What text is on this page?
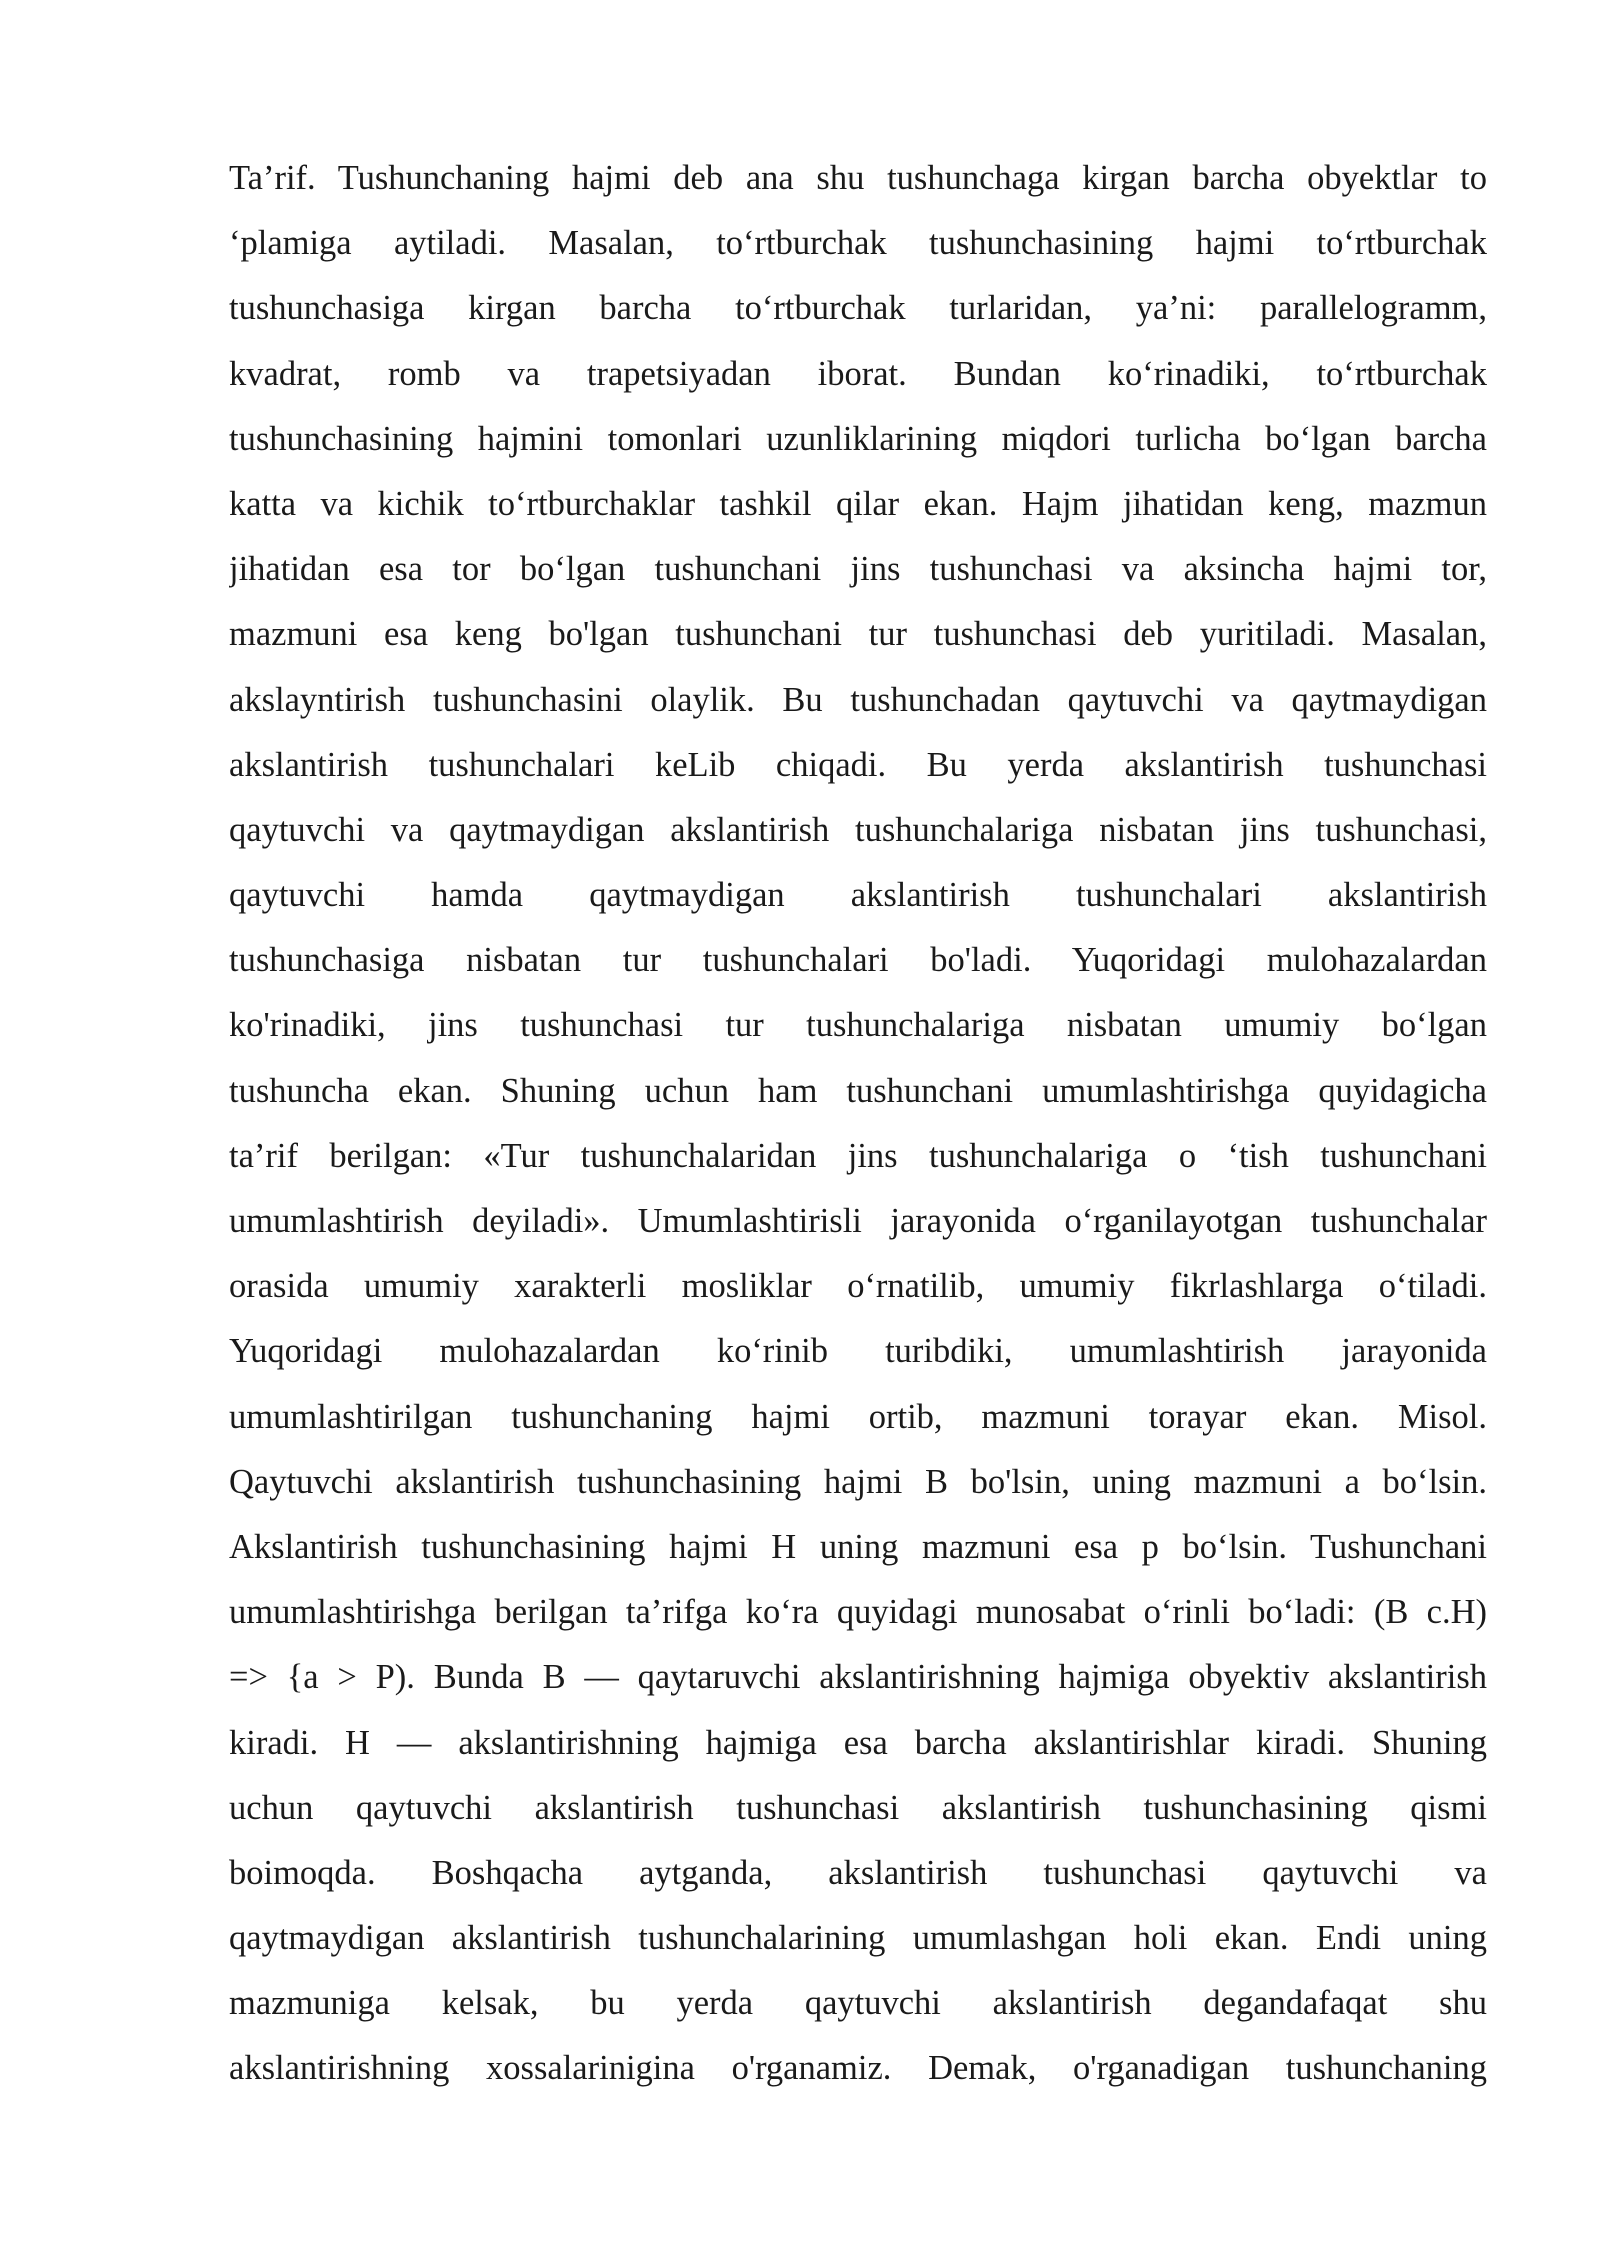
Ta’rif. Tushunchaning hajmi deb ana shu tushunchaga kirgan barcha obyektlar to
‘plamiga aytiladi. Masalan, to‘rtburchak tushunchasining hajmi to‘rtburchak
tushunchasiga kirgan barcha to‘rtburchak turlaridan, ya’ni: parallelogramm,
kvadrat, romb va trapetsiyadan iborat. Bundan ko‘rinadiki, to‘rtburchak
tushunchasining hajmini tomonlari uzunliklarining miqdori turlicha bo‘lgan barcha
katta va kichik to‘rtburchaklar tashkil qilar ekan. Hajm jihatidan keng, mazmun
jihatidan esa tor bo‘lgan tushunchani jins tushunchasi va aksincha hajmi tor,
mazmuni esa keng bo'lgan tushunchani tur tushunchasi deb yuritiladi. Masalan,
akslayntirish tushunchasini olaylik. Bu tushunchadan qaytuvchi va qaytmaydigan
akslantirish tushunchalari keLib chiqadi. Bu yerda akslantirish tushunchasi
qaytuvchi va qaytmaydigan akslantirish tushunchalariga nisbatan jins tushunchasi,
qaytuvchi hamda qaytmaydigan akslantirish tushunchalari akslantirish
tushunchasiga nisbatan tur tushunchalari bo'ladi. Yuqoridagi mulohazalardan
ko'rinadiki, jins tushunchasi tur tushunchalariga nisbatan umumiy bo‘lgan
tushuncha ekan. Shuning uchun ham tushunchani umumlashtirishga quyidagicha
ta’rif berilgan: «Tur tushunchalaridan jins tushunchalariga o ‘tish tushunchani
umumlashtirish deyiladi». Umumlashtirisli jarayonida o‘rganilayotgan tushunchalar
orasida umumiy xarakterli mosliklar o‘rnatilib, umumiy fikrlashlarga o‘tiladi.
Yuqoridagi mulohazalardan ko‘rinib turibdiki, umumlashtirish jarayonida
umumlashtirilgan tushunchaning hajmi ortib, mazmuni torayar ekan. Misol.
Qaytuvchi akslantirish tushunchasining hajmi B bo'lsin, uning mazmuni a bo‘lsin.
Akslantirish tushunchasining hajmi H uning mazmuni esa p bo‘lsin. Tushunchani
umumlashtirishga berilgan ta’rifga ko‘ra quyidagi munosabat o‘rinli bo‘ladi: (B c.H)
=> {a > P). Bunda B — qaytaruvchi akslantirishning hajmiga obyektiv akslantirish
kiradi. H — akslantirishning hajmiga esa barcha akslantirishlar kiradi. Shuning
uchun qaytuvchi akslantirish tushunchasi akslantirish tushunchasining qismi
boimoqda. Boshqacha aytganda, akslantirish tushunchasi qaytuvchi va
qaytmaydigan akslantirish tushunchalarining umumlashgan holi ekan. Endi uning
mazmuniga kelsak, bu yerda qaytuvchi akslantirish degandafaqat shu
akslantirishning xossalarinigina o'rganamiz. Demak, o'rganadigan tushunchaning
